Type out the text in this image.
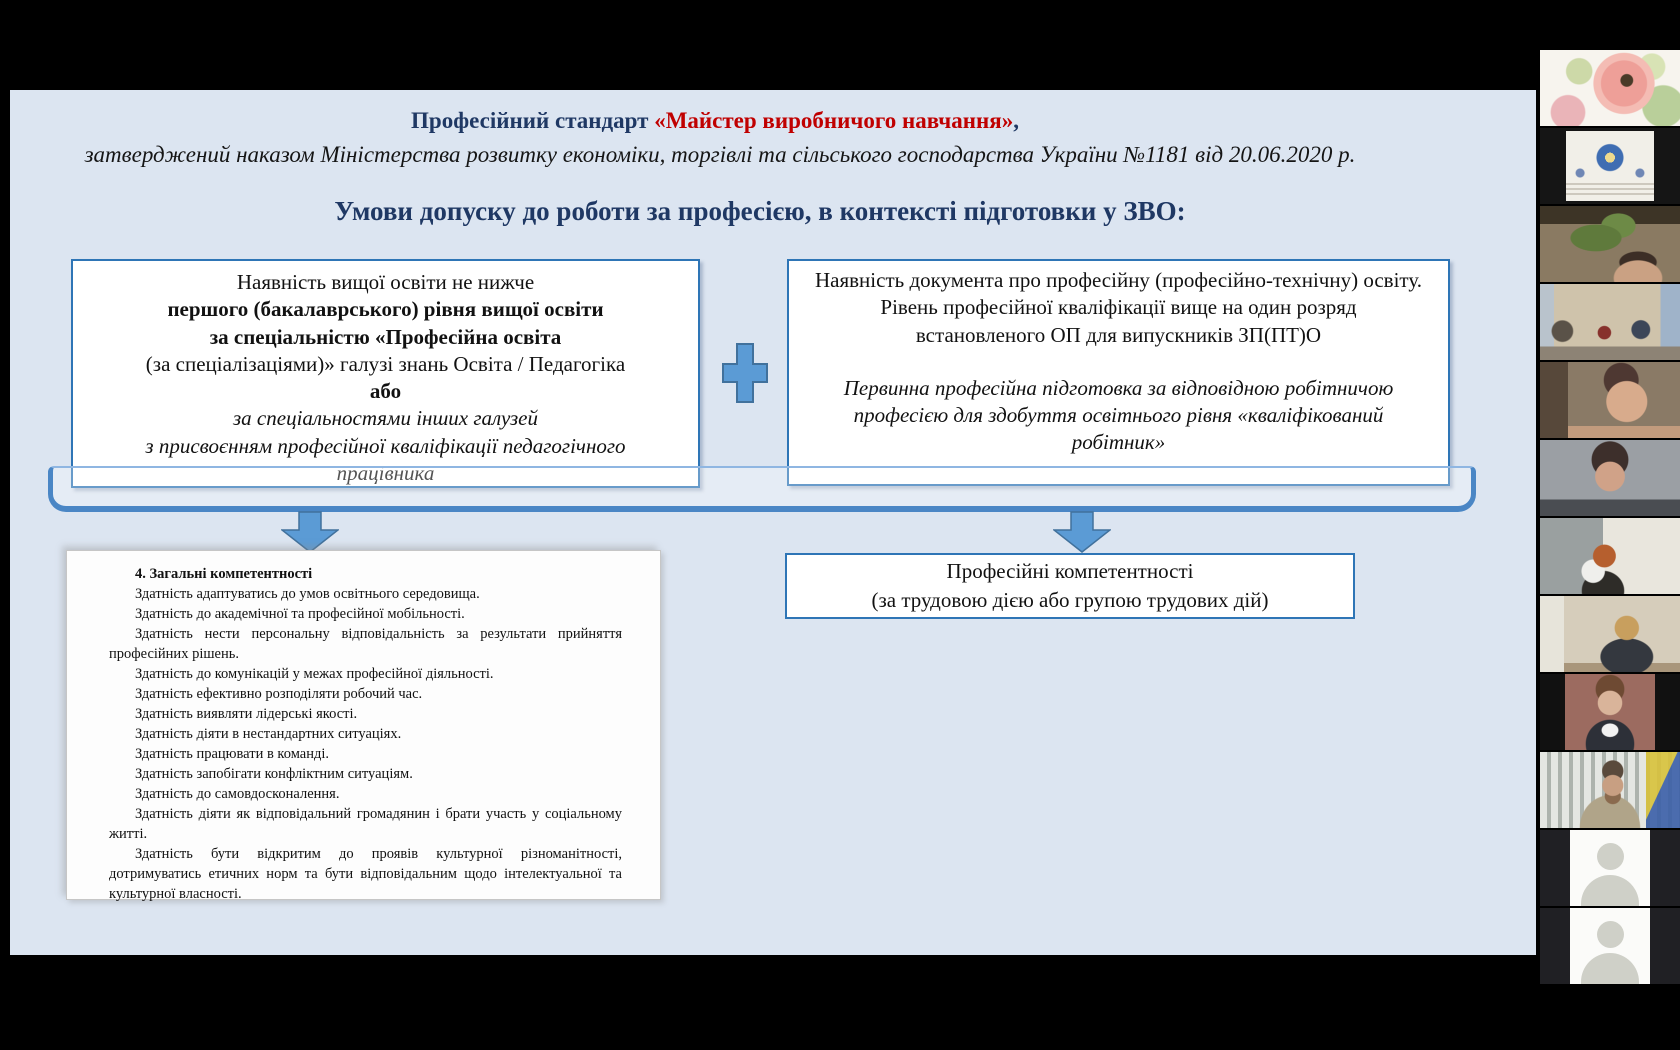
Професійний стандарт «Майстер виробничого навчання»,
затверджений наказом Міністерства розвитку економіки, торгівлі та сільського господарства України №1181 від 20.06.2020 р.
Умови допуску до роботи за професією, в контексті підготовки у ЗВО:
Наявність вищої освіти не нижче
першого (бакалаврського) рівня вищої освіти
за спеціальністю «Професійна освіта
(за спеціалізаціями)» галузі знань Освіта / Педагогіка
або
за спеціальностями інших галузей
з присвоєнням професійної кваліфікації педагогічного
працівника

Наявність документа про професійну (професійно-технічну) освіту.

Рівень професійної кваліфікації вище на один розряд встановленого ОП для випускників ЗП(ПТ)О

Первинна професійна підготовка за відповідною робітничою професією для здобуття освітнього рівня «кваліфікований робітник»

4. Загальні компетентності

Здатність адаптуватись до умов освітнього середовища.

Здатність до академічної та професійної мобільності.

Здатність нести персональну відповідальність за результати прийняття професійних рішень.

Здатність до комунікацій у межах професійної діяльності.

Здатність ефективно розподіляти робочий час.

Здатність виявляти лідерські якості.

Здатність діяти в нестандартних ситуаціях.

Здатність працювати в команді.

Здатність запобігати конфліктним ситуаціям.

Здатність до самовдосконалення.

Здатність діяти як відповідальний громадянин і брати участь у соціальному житті.

Здатність бути відкритим до проявів культурної різноманітності, дотримуватись етичних норм та бути відповідальним щодо інтелектуальної та культурної власності.

Професійні компетентності
(за трудовою дією або групою трудових дій)
